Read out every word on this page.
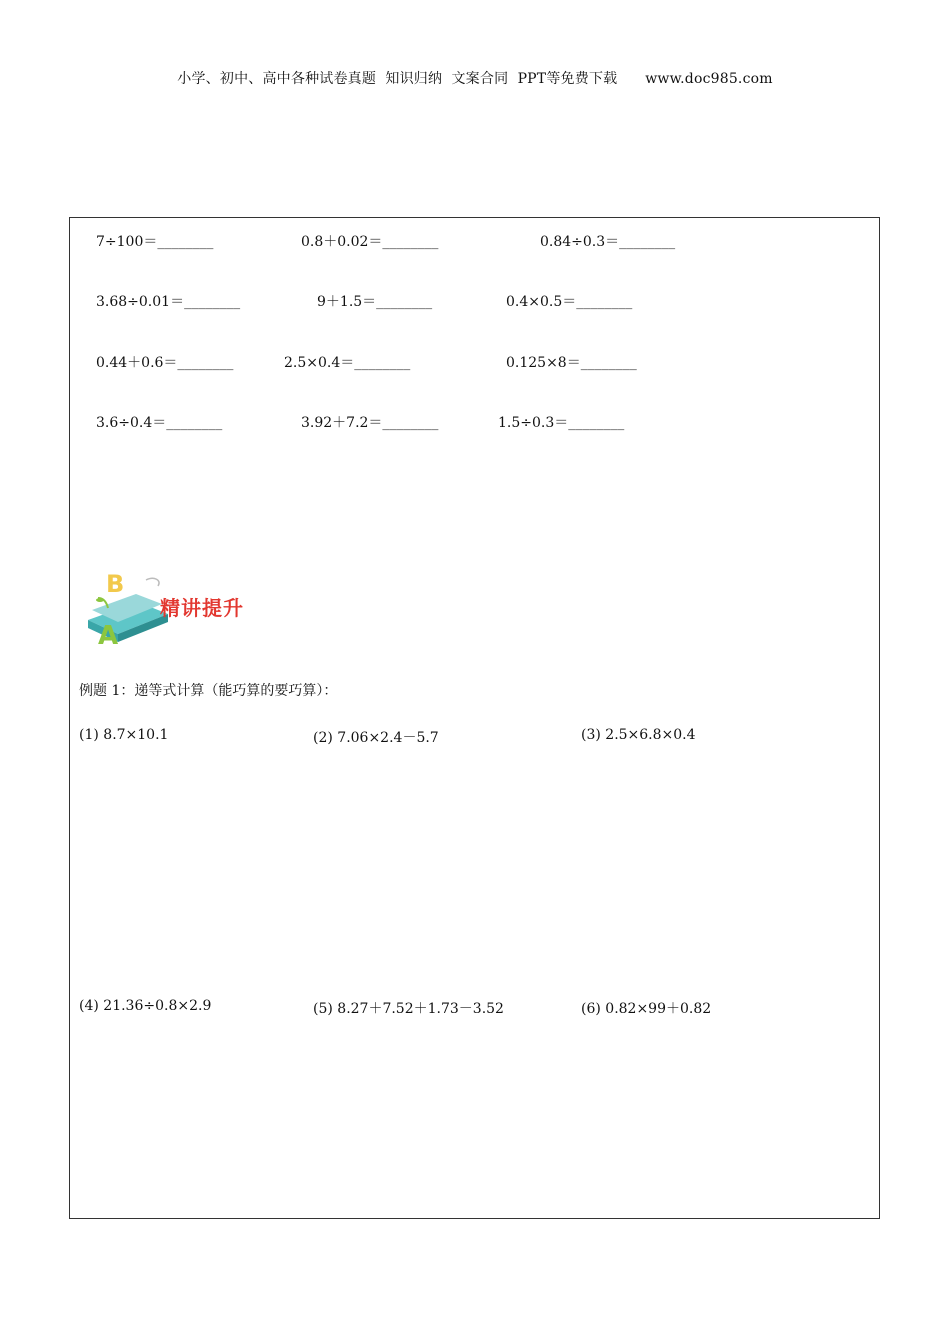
小学、初中、高中各种试卷真题  知识归纳  文案合同  PPT等免费下载      www.doc985.com
7÷100＝________	0.8＋0.02＝________	0.84÷0.3＝________
3.68÷0.01＝________	9＋1.5＝________	0.4×0.5＝________
0.44＋0.6＝________	2.5×0.4＝________	0.125×8＝________
3.6÷0.4＝________	3.92＋7.2＝________	1.5÷0.3＝________
B
A
精讲提升
例题 1：递等式计算（能巧算的要巧算）：
(1) 8.7×10.1	(2) 7.06×2.4－5.7	(3) 2.5×6.8×0.4
(4) 21.36÷0.8×2.9	(5) 8.27＋7.52＋1.73－3.52	(6) 0.82×99＋0.82
